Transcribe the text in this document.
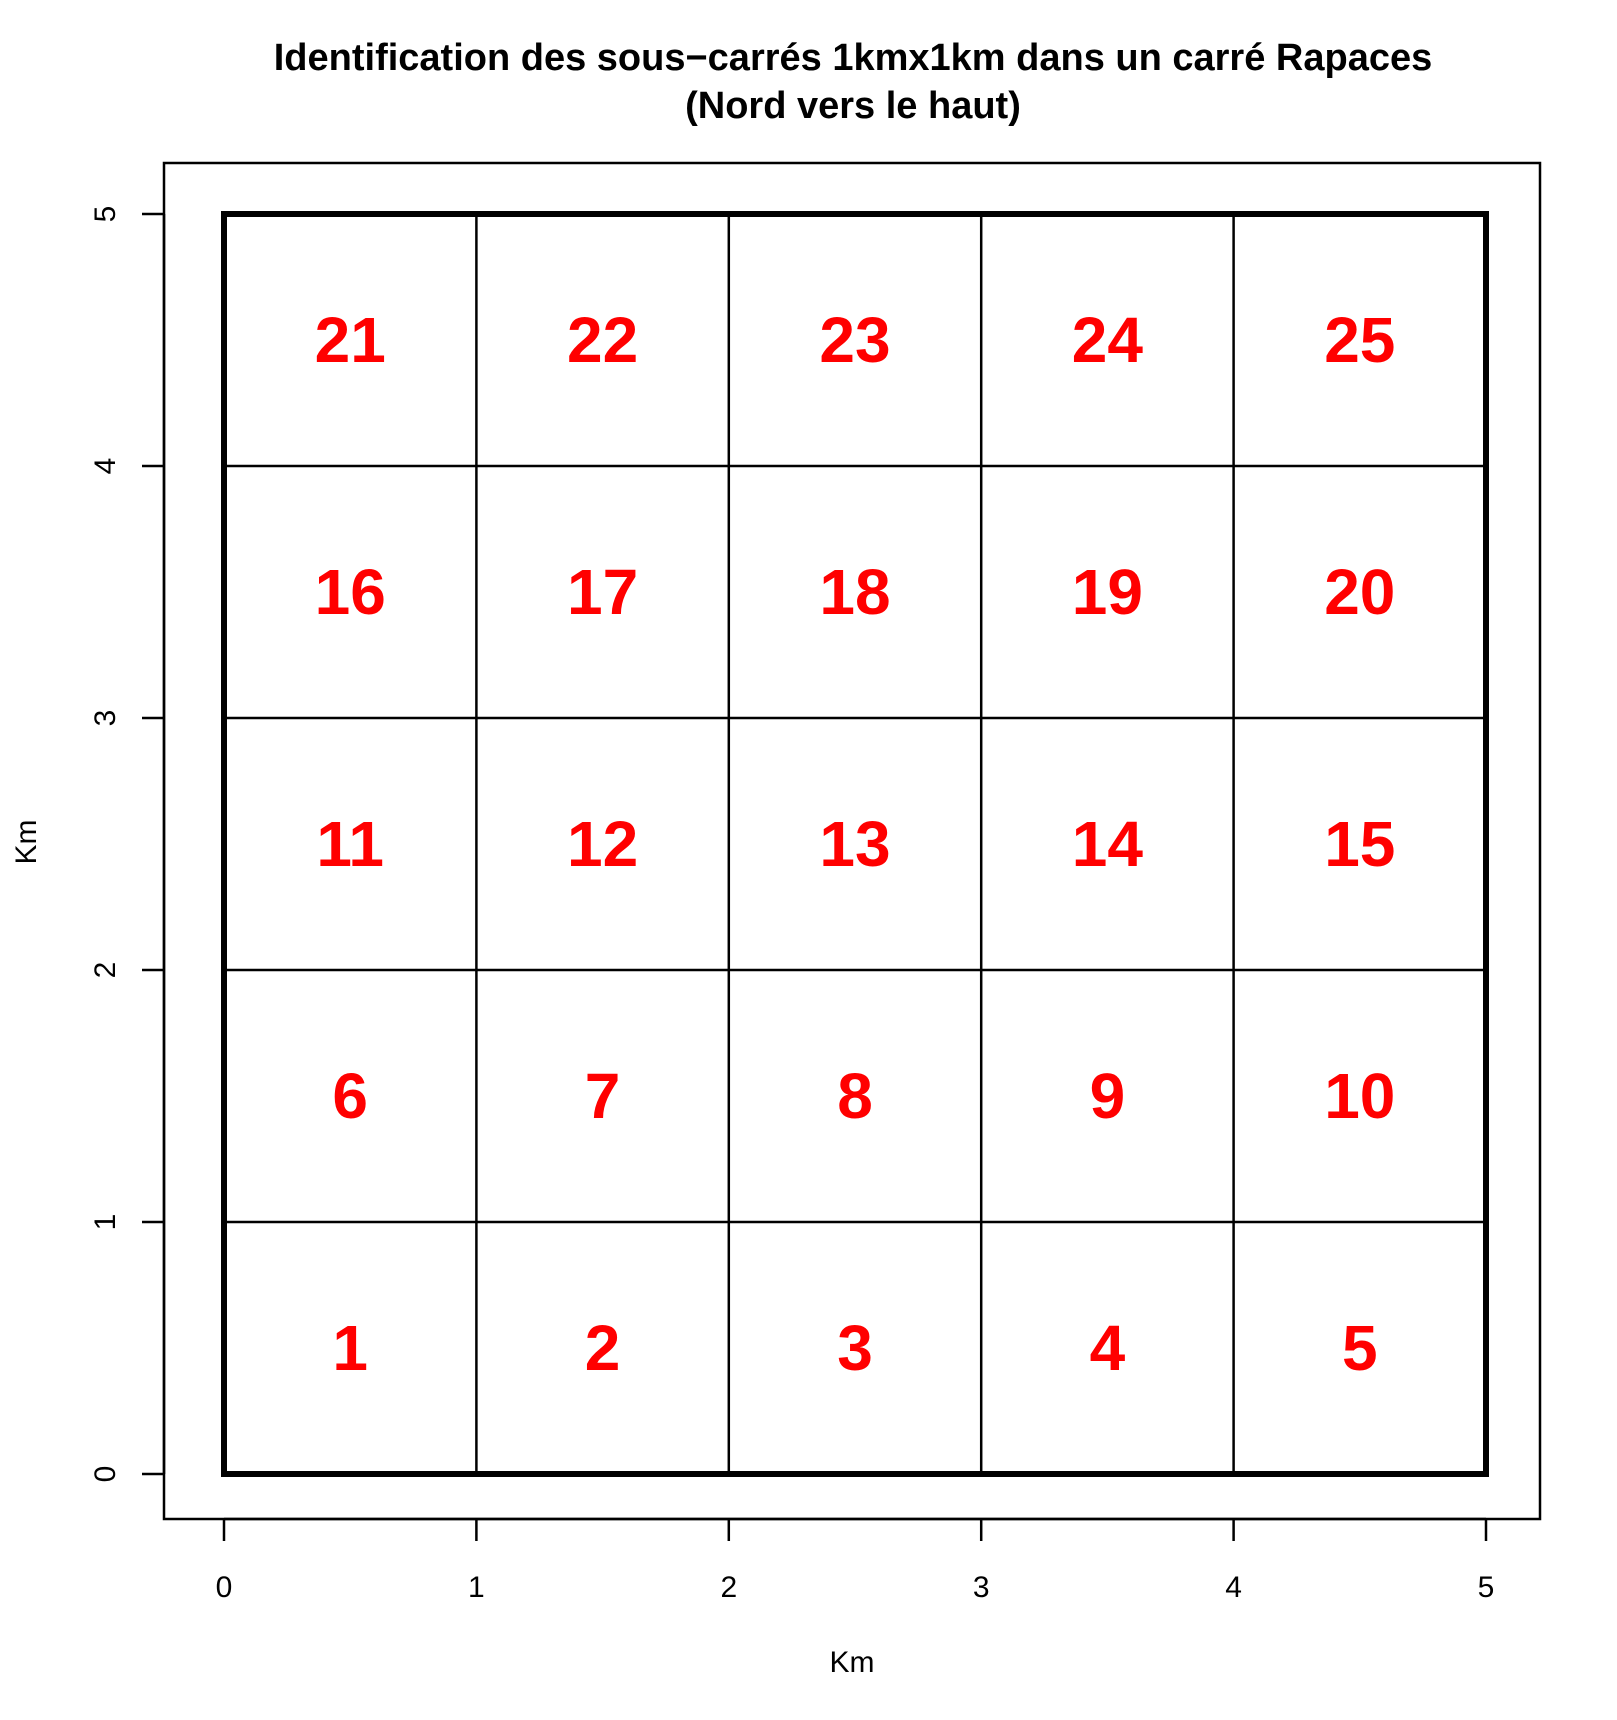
Identification des sous−carrés 1kmx1km dans un carré Rapaces
(Nord vers le haut)
1	2	3	4	5
6	7	8	9	10
11	12	13	14	15
16	17	18	19	20
21	22	23	24	25
0	1	2	3	4	5
0
1
2
3
4
5
Km
Km
